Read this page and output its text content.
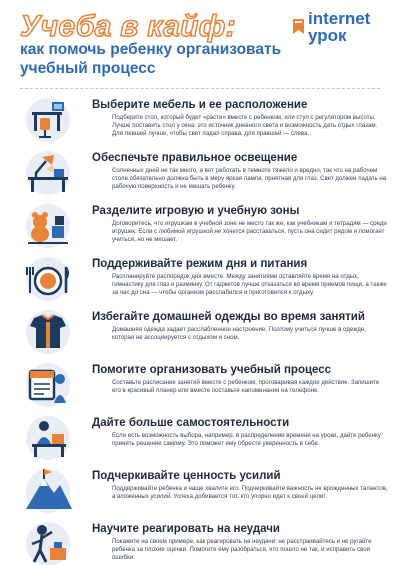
Учеба в кайф:
как помочь ребенку организовать учебный процесс
internet
урок
Выберите мебель и ее расположение
Подберите стол, который будет «расти» вместе с ребенком, или стул с регулятором высоты. Лучше поставить стол у окна: это источник дневного света и возможность дать отдых глазам. Для левшей лучше, чтобы свет падал справа, для правшей — слева.
Обеспечьте правильное освещение
Солнечных дней не так много, а вот работать в темноте тяжело и вредно, так что на рабочем столе обязательно должна быть в меру яркая лампа, приятная для глаз. Свет должен падать на рабочую поверхность и не мешать ребенку.
Разделите игровую и учебную зоны
Договоритесь, что игрушкам в учебной зоне не место так же, как учебникам и тетрадям — среди игрушек. Если с любимой игрушкой не хочется расставаться, пусть она сидит рядом и помогает учиться, но не мешает.
Поддерживайте режим дня и питания
Распланируйте распорядок дня вместе. Между занятиями оставляйте время на отдых, гимнастику для глаз и разминку. От гаджетов лучше отказаться во время приемов пищи, а также за час до сна — чтобы организм расслабился и приготовился к отдыху.
Избегайте домашней одежды во время занятий
Домашняя одежда задает расслабленное настроение. Поэтому учиться лучше в одежде, которая не ассоциируется с отдыхом и сном.
Помогите организовать учебный процесс
Составьте расписание занятий вместе с ребенком, проговаривая каждое действие. Запишите его в красивый планер или вместе поставьте напоминания на телефоне.
Дайте больше самостоятельности
Если есть возможность выбора, например, в распределении времени на уроки, дайте ребенку принять решение самому. Это поможет ему обрести уверенность в себе.
Подчеркивайте ценность усилий
Поддерживайте ребенка и чаще хвалите его. Подчеркивайте важность не врожденных талантов, а вложенных усилий. Успеха добивается тот, кто упорно идет к своей цели!
Научите реагировать на неудачи
Покажите на своем примере, как реагировать на неудачи: не расстраивайтесь и не ругайте ребенка за плохие оценки. Помогите ему разобраться, что пошло не так, и исправить свои ошибки.
